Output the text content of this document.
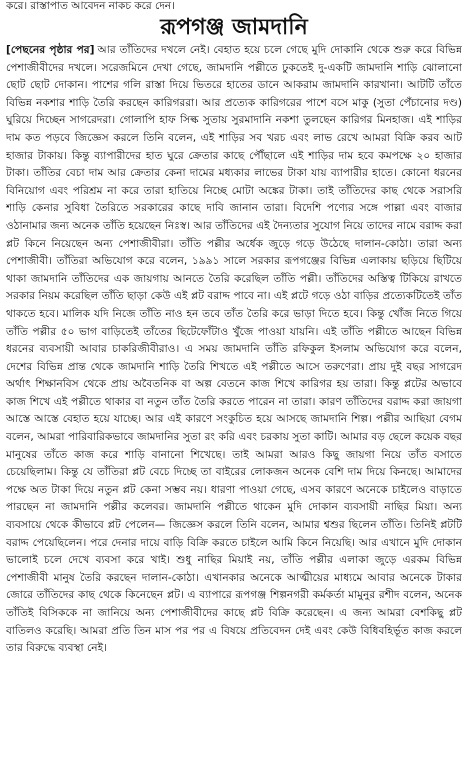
করে। রাস্তাপাত আবেদন নাকচ করে দেন।
রূপগঞ্জ জামদানি

[পেছনের পৃষ্ঠার পর] আর তাঁতিদের দখলে নেই। বেহাত হয়ে চলে গেছে মুদি দোকানি থেকে শুরু করে বিভিন্ন পেশাজীবীদের দখলে। সরেজমিনে দেখা গেছে, জামদানি পল্লীতে ঢুকতেই দু-একটি জামদানি শাড়ি ঝোলানো ছোট ছোট দোকান। পাশের গলি রাস্তা দিয়ে ভিতরে হাতের ডানে আকরাম জামদানি কারখানা। আটটি তাঁতে বিভিন্ন নকশার শাড়ি তৈরি করছেন কারিগররা। আর প্রত্যেক কারিগরের পাশে বসে মাকু (সুতা পেঁচানোর দণ্ড) ঘুরিয়ে দিচ্ছেন সাগরেদরা। গোলাপি হাফ সিল্ক সুতায় সুরমাদানি নকশা তুলছেন কারিগর মিনহাজ। এই শাড়ির দাম কত পড়বে জিজ্ঞেস করলে তিনি বলেন, এই শাড়ির সব খরচ এবং লাভ রেখে আমরা বিক্রি করব আট হাজার টাকায়। কিন্তু ব্যাপারীদের হাত ঘুরে ক্রেতার কাছে পৌঁছালে এই শাড়ির দাম হবে কমপক্ষে ২০ হাজার টাকা। তাঁতির বেচা দাম আর ক্রেতার কেনা দামের মধ্যকার লাভের টাকা যায় ব্যাপারীর হাতে। কোনো ধরনের বিনিয়োগ এবং পরিশ্রম না করে তারা হাতিয়ে নিচ্ছে মোটা অঙ্কের টাকা। তাই তাঁতিদের কাছ থেকে সরাসরি শাড়ি কেনার সুবিধা তৈরিতে সরকারের কাছে দাবি জানান তারা। বিদেশি পণ্যের সঙ্গে পাল্লা এবং বাজার ওঠানামার জন্য অনেক তাঁতি হয়েছেন নিঃস্ব। আর তাঁতিদের এই দৈন্যতার সুযোগ নিয়ে তাদের নামে বরাদ্দ করা প্লট কিনে নিয়েছেন অন্য পেশাজীবীরা। তাঁতি পল্লীর অর্ধেক জুড়ে গড়ে উঠেছে দালান-কোঠা। তারা অন্য পেশাজীবী। তাঁতিরা অভিযোগ করে বলেন, ১৯৯১ সালে সরকার রূপগঞ্জের বিভিন্ন এলাকায় ছড়িয়ে ছিটিয়ে থাকা জামদানি তাঁতিদের এক জায়গায় আনতে তৈরি করেছিল তাঁতি পল্লী। তাঁতিদের অস্তিত্ব টিকিয়ে রাখতে সরকার নিয়ম করেছিল তাঁতি ছাড়া কেউ এই প্লট বরাদ্দ পাবে না। এই প্লটে গড়ে ওঠা বাড়ির প্রত্যেকটিতেই তাঁত থাকতে হবে। মালিক যদি নিজে তাঁতি নাও হন তবে তাঁত তৈরি করে ভাড়া দিতে হবে। কিন্তু খোঁজ নিতে গিয়ে তাঁতি পল্লীর ৫০ ভাগ বাড়িতেই তাঁতের ছিটেফোঁটাও খুঁজে পাওয়া যায়নি। এই তাঁতি পল্লীতে আছেন বিভিন্ন ধরনের ব্যবসায়ী আবার চাকরিজীবীরাও। এ সময় জামদানি তাঁতি রফিকুল ইসলাম অভিযোগ করে বলেন, দেশের বিভিন্ন প্রান্ত থেকে জামদানি শাড়ি তৈরি শিখতে এই পল্লীতে আসে তরুণেরা। প্রায় দুই বছর সাগরেদ অর্থাৎ শিক্ষানবিস থেকে প্রায় অবৈতনিক বা অল্প বেতনে কাজ শিখে কারিগর হয় তারা। কিন্তু প্লটের অভাবে কাজ শিখে এই পল্লীতে থাকার বা নতুন তাঁত তৈরি করতে পারেন না তারা। কারণ তাঁতিদের বরাদ্দ করা জায়গা আস্তে আস্তে বেহাত হয়ে যাচ্ছে। আর এই কারণে সংকুচিত হয়ে আসছে জামদানি শিল্প। পল্লীর আছিয়া বেগম বলেন, আমরা পারিবারিকভাবে জামদানির সুতা রং করি এবং চরকায় সুতা কাটি। আমার বড় ছেলে কয়েক বছর মানুষের তাঁতে কাজ করে শাড়ি বানানো শিখেছে। তাই আমরা আরও কিছু জায়গা নিয়ে তাঁত বসাতে চেয়েছিলাম। কিন্তু যে তাঁতিরা প্লট বেচে দিচ্ছে তা বাইরের লোকজন অনেক বেশি দাম দিয়ে কিনছে। আমাদের পক্ষে অত টাকা দিয়ে নতুন প্লট কেনা সম্ভব নয়। ধারণা পাওয়া গেছে, এসব কারণে অনেকে চাইলেও বাড়াতে পারছেন না জামদানি পল্লীর কলেবর। জামদানি পল্লীতে থাকেন মুদি দোকান ব্যবসায়ী নাছির মিয়া। অন্য ব্যবসায়ে থেকে কীভাবে প্লট পেলেন— জিজ্ঞেস করলে তিনি বলেন, আমার শ্বশুর ছিলেন তাঁতি। তিনিই প্লটটি বরাদ্দ পেয়েছিলেন। পরে দেনার দায়ে বাড়ি বিক্রি করতে চাইলে আমি কিনে নিয়েছি। আর এখানে মুদি দোকান ভালোই চলে দেখে ব্যবসা করে খাই। শুধু নাছির মিয়াই নয়, তাঁতি পল্লীর এলাকা জুড়ে এরকম বিভিন্ন পেশাজীবী মানুষ তৈরি করছেন দালান-কোঠা। এখানকার অনেকে আত্মীয়ের মাধ্যমে আবার অনেকে টাকার জোরে তাঁতিদের কাছ থেকে কিনেছেন প্লট। এ ব্যাপারে রূপগঞ্জ শিল্পনগরী কর্মকর্তা মামুনুর রশীদ বলেন, অনেক তাঁতিই বিসিককে না জানিয়ে অন্য পেশাজীবীদের কাছে প্লট বিক্রি করেছেন। এ জন্য আমরা বেশকিছু প্লট বাতিলও করেছি। আমরা প্রতি তিন মাস পর পর এ বিষয়ে প্রতিবেদন দেই এবং কেউ বিধিবহির্ভূত কাজ করলে তার বিরুদ্ধে ব্যবস্থা নেই।
